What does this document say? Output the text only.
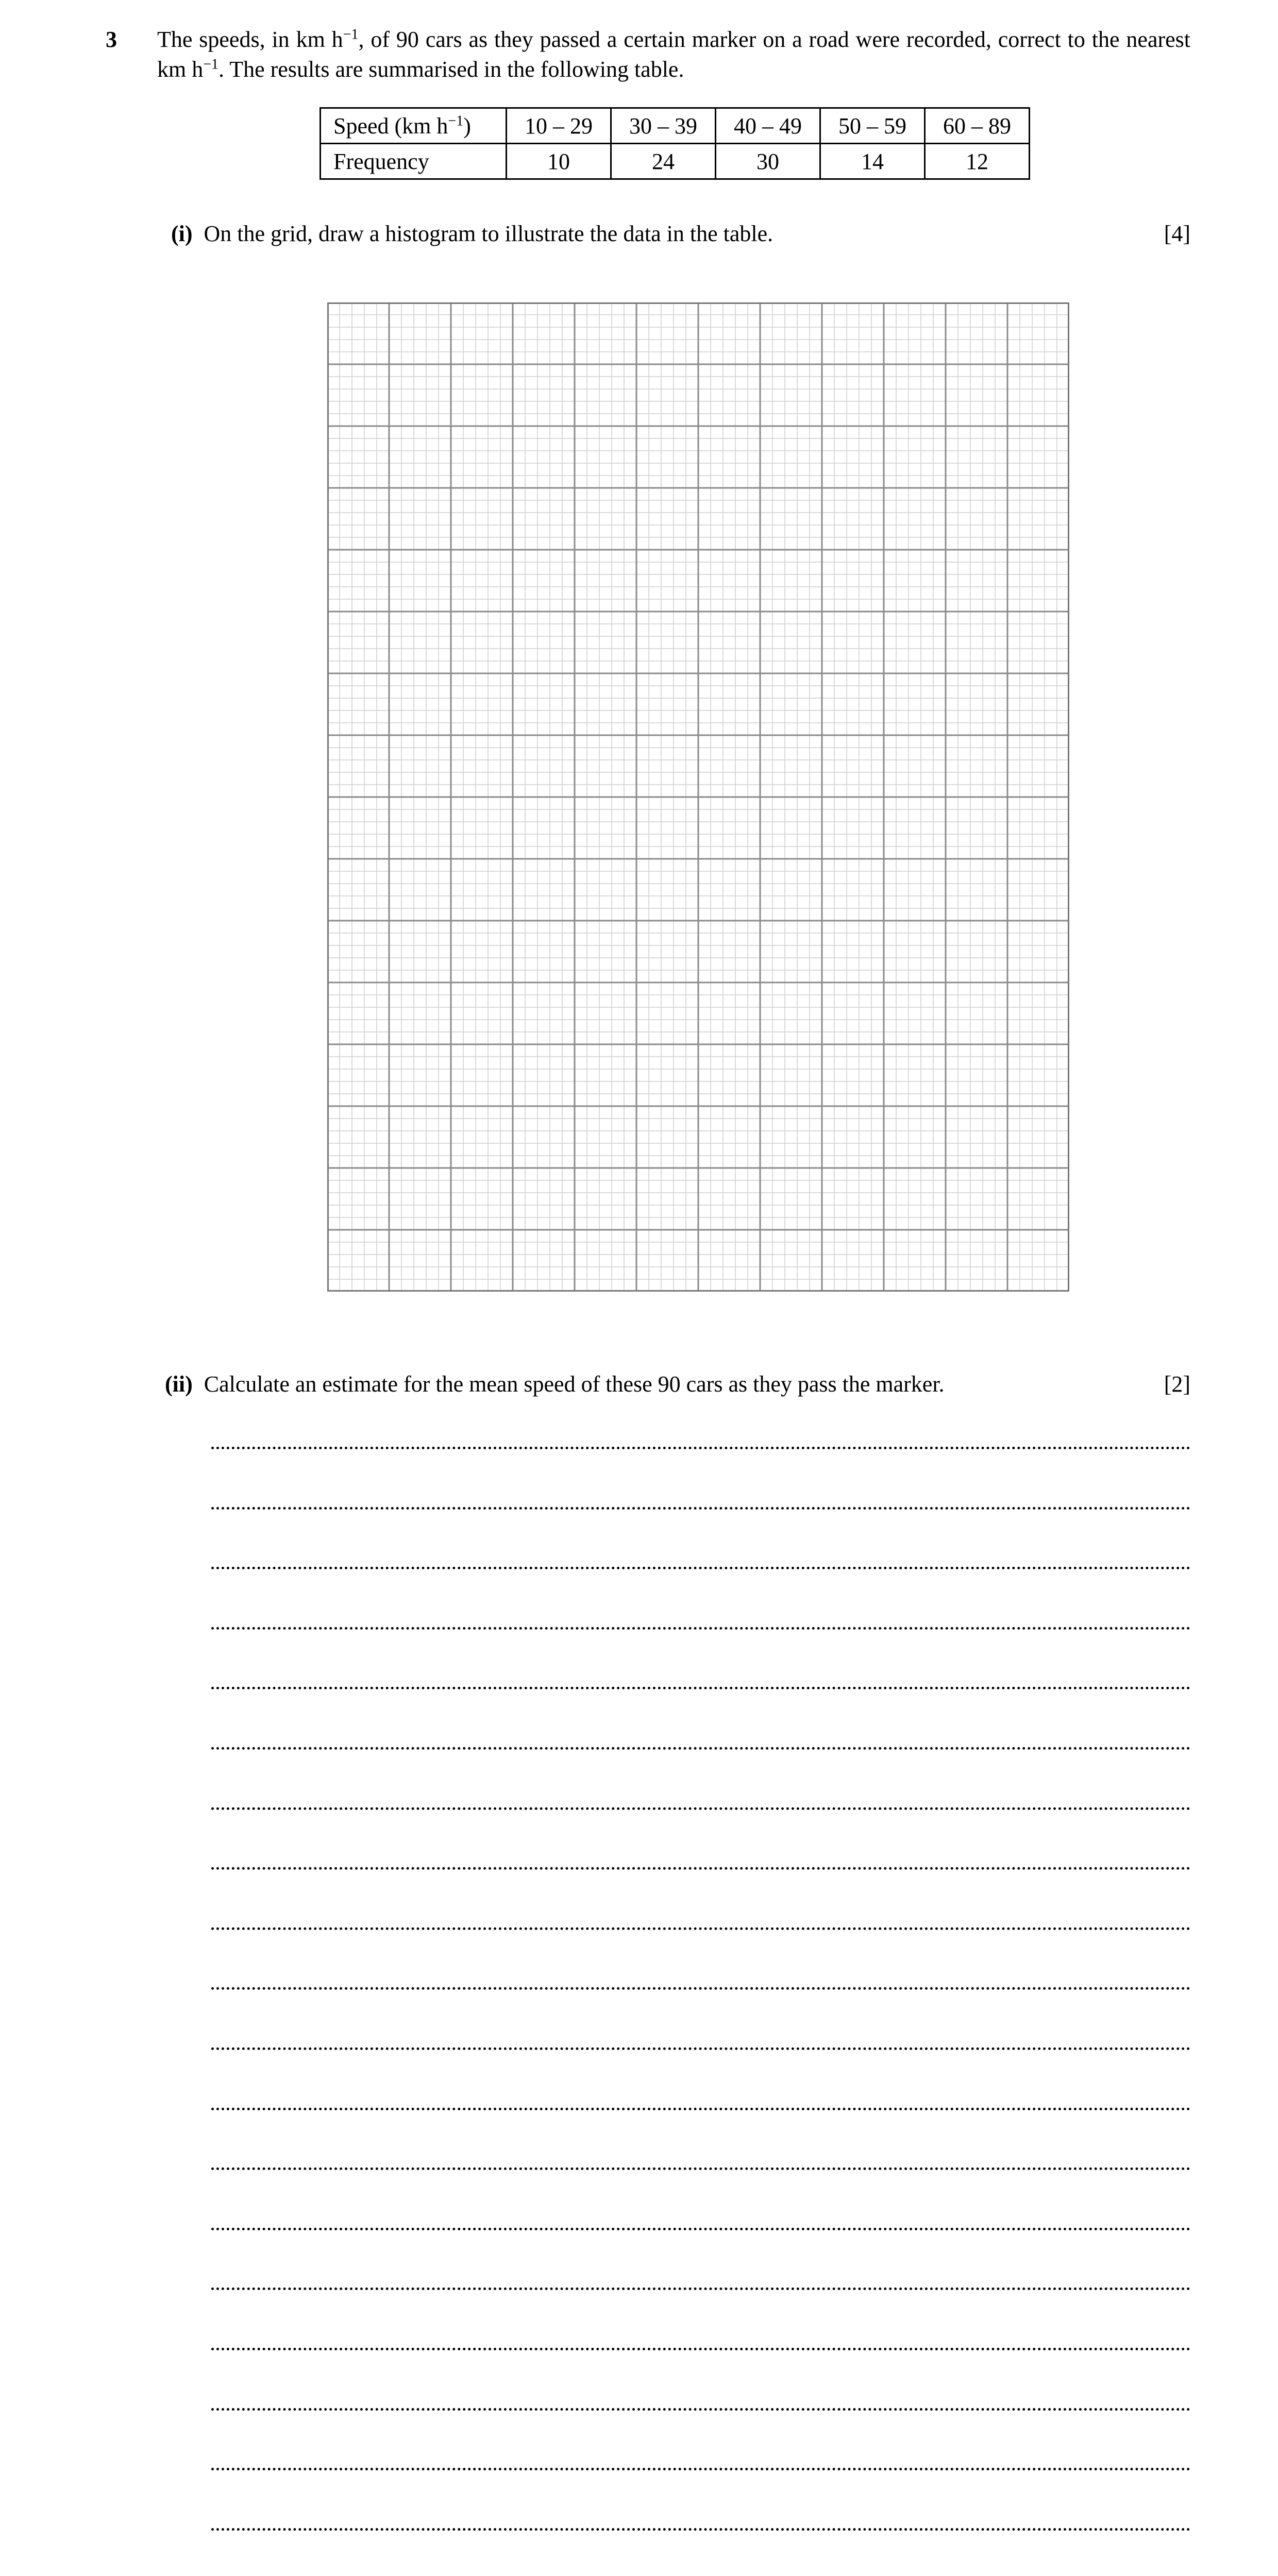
3 The speeds, in km $h^{-1}$, of 90 cars as they passed a certain marker on a road were recorded, correct to the nearest km $h^{-1}$. The results are summarised in the following table.
Speed (km $h^{-1}$)	10 – 29	30 – 39	40 – 49	50 – 59	60 – 89
Frequency	10	24	30	14	12
(i) On the grid, draw a histogram to illustrate the data in the table.	[4]
(ii) Calculate an estimate for the mean speed of these 90 cars as they pass the marker.	[2]
